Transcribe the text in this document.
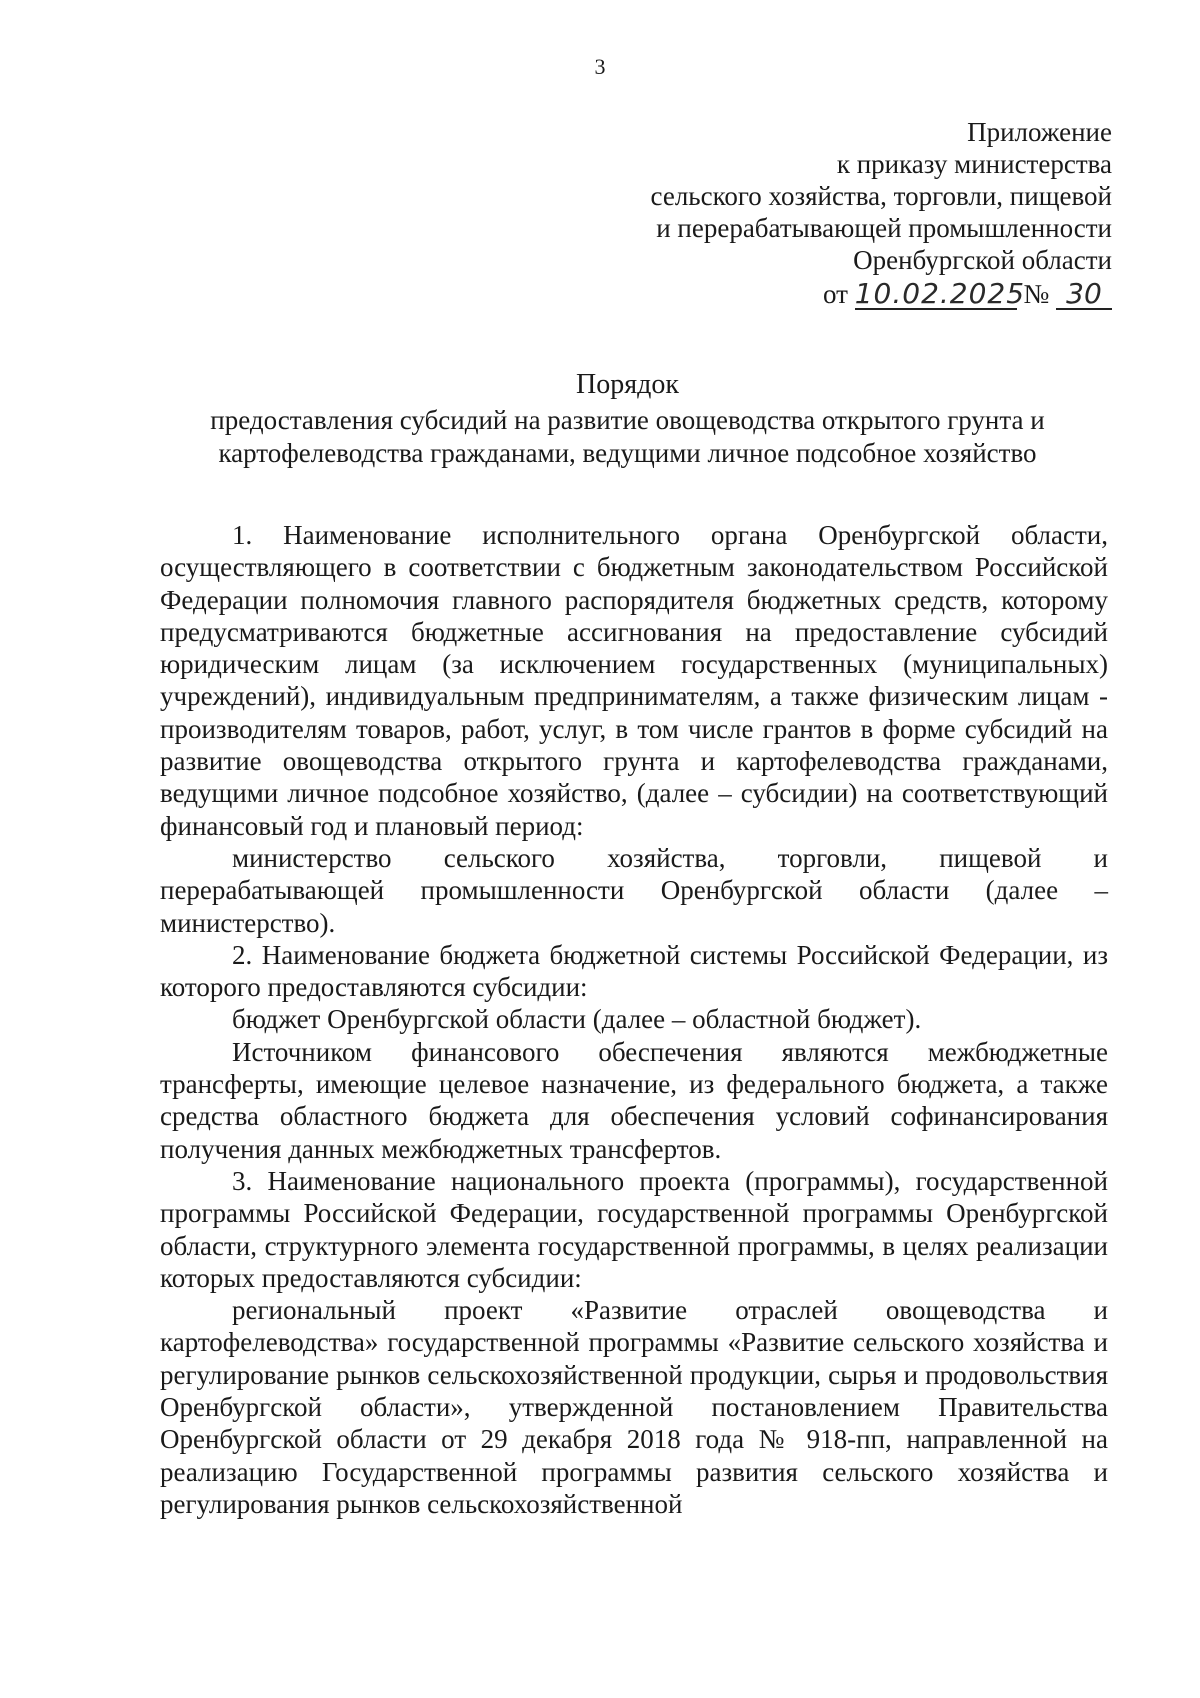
3
Приложение
к приказу министерства
сельского хозяйства, торговли, пищевой
и перерабатывающей промышленности
Оренбургской области
от 10.02.2025 № 30
Порядок
предоставления субсидий на развитие овощеводства открытого грунта и
картофелеводства гражданами, ведущими личное подсобное хозяйство

1. Наименование исполнительного органа Оренбургской области, осуществляющего в соответствии с бюджетным законодательством Российской Федерации полномочия главного распорядителя бюджетных средств, которому предусматриваются бюджетные ассигнования на предоставление субсидий юридическим лицам (за исключением государственных (муниципальных) учреждений), индивидуальным предпринимателям, а также физическим лицам - производителям товаров, работ, услуг, в том числе грантов в форме субсидий на развитие овощеводства открытого грунта и картофелеводства гражданами, ведущими личное подсобное хозяйство, (далее – субсидии) на соответствующий финансовый год и плановый период:

министерство сельского хозяйства, торговли, пищевой и перерабатывающей промышленности Оренбургской области (далее – министерство).

2. Наименование бюджета бюджетной системы Российской Федерации, из которого предоставляются субсидии:

бюджет Оренбургской области (далее – областной бюджет).

Источником финансового обеспечения являются межбюджетные трансферты, имеющие целевое назначение, из федерального бюджета, а также средства областного бюджета для обеспечения условий софинансирования получения данных межбюджетных трансфертов.

3. Наименование национального проекта (программы), государственной программы Российской Федерации, государственной программы Оренбургской области, структурного элемента государственной программы, в целях реализации которых предоставляются субсидии:

региональный проект «Развитие отраслей овощеводства и картофелеводства» государственной программы «Развитие сельского хозяйства и регулирование рынков сельскохозяйственной продукции, сырья и продовольствия Оренбургской области», утвержденной постановлением Правительства Оренбургской области от 29 декабря 2018 года № 918-пп, направленной на реализацию Государственной программы развития сельского хозяйства и регулирования рынков сельскохозяйственной
